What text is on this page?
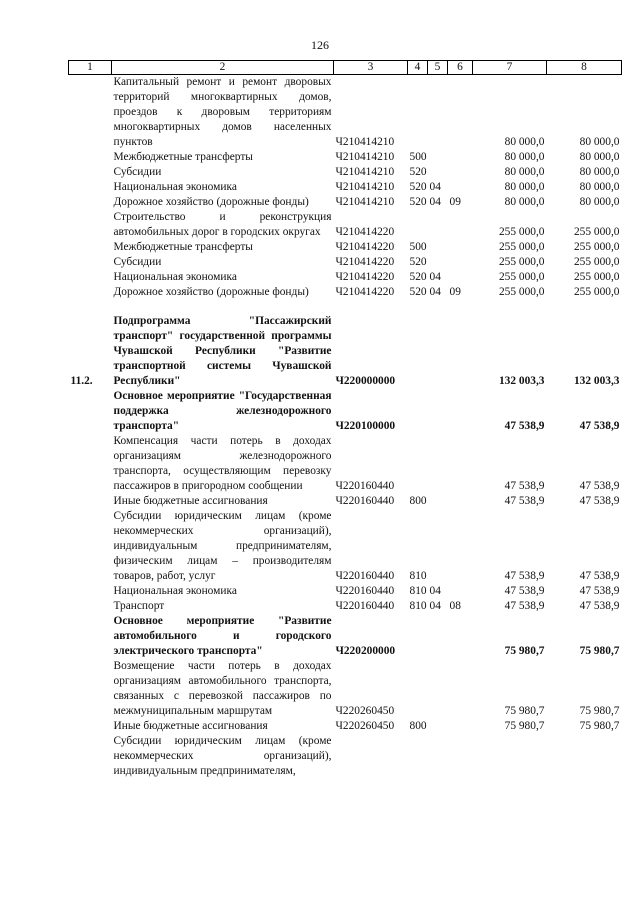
126
1	2	3	4	5	6	7	8
	Капитальный ремонт и ремонт дворовых территорий многоквартирных домов, проездов к дворовым территориям многоквартирных домов населенных пунктов	Ч210414210				80 000,0	80 000,0
	Межбюджетные трансферты	Ч210414210	500			80 000,0	80 000,0
	Субсидии	Ч210414210	520			80 000,0	80 000,0
	Национальная экономика	Ч210414210	520	04		80 000,0	80 000,0
	Дорожное хозяйство (дорожные фонды)	Ч210414210	520	04	09	80 000,0	80 000,0
	Строительство и реконструкция автомобильных дорог в городских округах	Ч210414220				255 000,0	255 000,0
	Межбюджетные трансферты	Ч210414220	500			255 000,0	255 000,0
	Субсидии	Ч210414220	520			255 000,0	255 000,0
	Национальная экономика	Ч210414220	520	04		255 000,0	255 000,0
	Дорожное хозяйство (дорожные фонды)	Ч210414220	520	04	09	255 000,0	255 000,0

11.2.	Подпрограмма "Пассажирский транспорт" государственной программы Чувашской Республики "Развитие транспортной системы Чувашской Республики"	Ч220000000				132 003,3	132 003,3
	Основное мероприятие "Государственная поддержка железнодорожного транспорта"	Ч220100000				47 538,9	47 538,9
	Компенсация части потерь в доходах организациям железнодорожного транспорта, осуществляющим перевозку пассажиров в пригородном сообщении	Ч220160440				47 538,9	47 538,9
	Иные бюджетные ассигнования	Ч220160440	800			47 538,9	47 538,9
	Субсидии юридическим лицам (кроме некоммерческих организаций), индивидуальным предпринимателям, физическим лицам – производителям товаров, работ, услуг	Ч220160440	810			47 538,9	47 538,9
	Национальная экономика	Ч220160440	810	04		47 538,9	47 538,9
	Транспорт	Ч220160440	810	04	08	47 538,9	47 538,9
	Основное мероприятие "Развитие автомобильного и городского электрического транспорта"	Ч220200000				75 980,7	75 980,7
	Возмещение части потерь в доходах организациям автомобильного транспорта, связанных с перевозкой пассажиров по межмуниципальным маршрутам	Ч220260450				75 980,7	75 980,7
	Иные бюджетные ассигнования	Ч220260450	800			75 980,7	75 980,7
	Субсидии юридическим лицам (кроме некоммерческих организаций), индивидуальным предпринимателям,						
